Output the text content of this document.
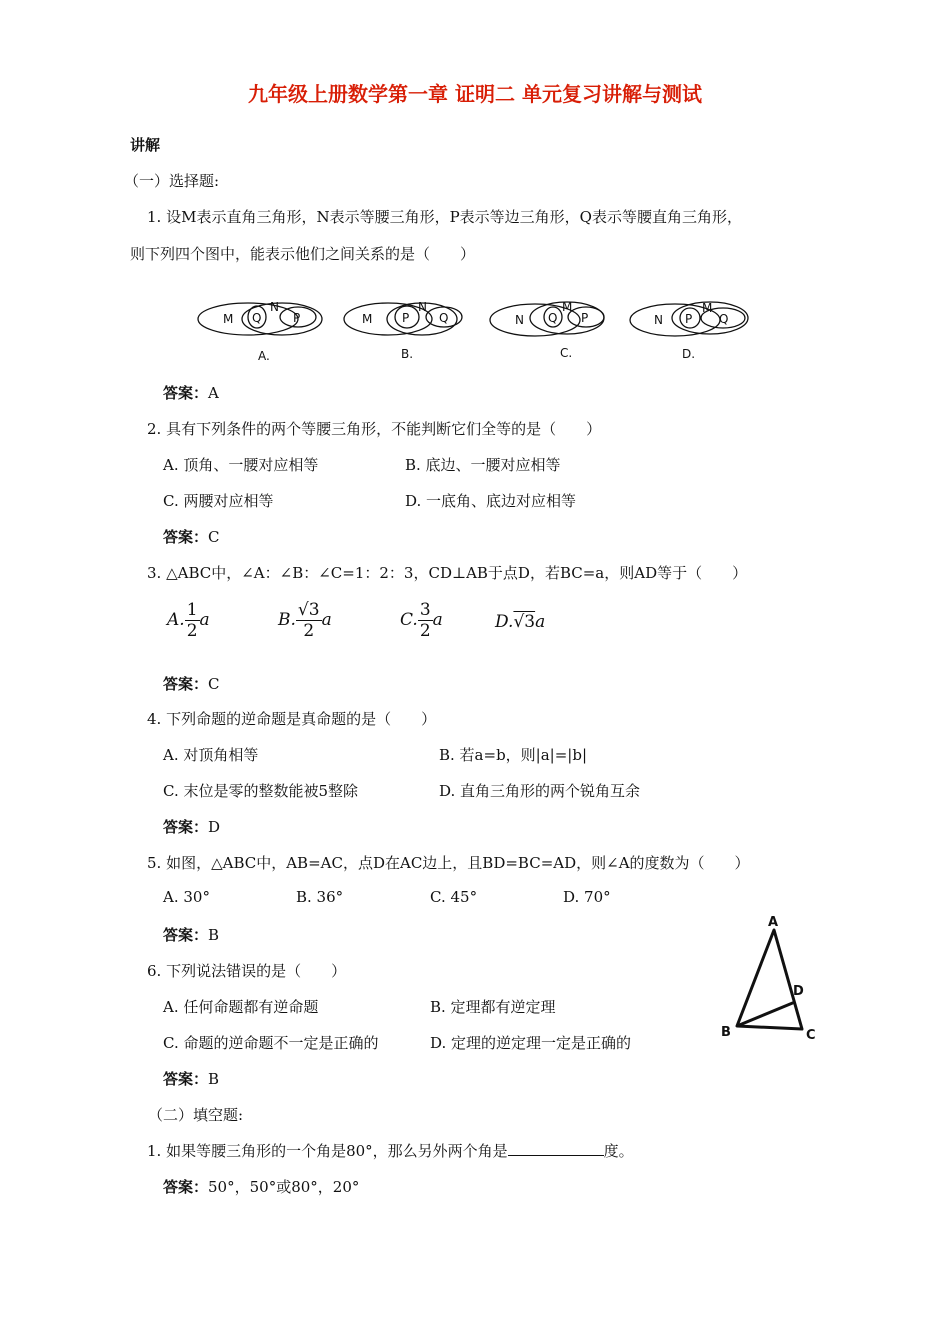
九年级上册数学第一章 证明二 单元复习讲解与测试
讲解
（一）选择题:
1. 设M表示直角三角形，N表示等腰三角形，P表示等边三角形，Q表示等腰直角三角形，
则下列四个图中，能表示他们之间关系的是（　　）
M Q
N
P	M P
N
Q	N Q
M
P	N P
M
Q
A.	B.	C.	D.
答案：A
2. 具有下列条件的两个等腰三角形，不能判断它们全等的是（　　）
A. 顶角、一腰对应相等	B. 底边、一腰对应相等
C. 两腰对应相等	D. 一底角、底边对应相等
答案：C
3. △ABC中，∠A：∠B：∠C=1：2：3，CD⊥AB于点D，若BC=a，则AD等于（　　）
A. $\frac{1}{2}$ a	B. $\frac{√3}{2}$ a	C. $\frac{3}{2}$ a	D.√3a
答案：C
4. 下列命题的逆命题是真命题的是（　　）
A. 对顶角相等	B. 若a=b，则|a|=|b|
C. 末位是零的整数能被5整除	D. 直角三角形的两个锐角互余
答案：D
5. 如图，△ABC中，AB=AC，点D在AC边上，且BD=BC=AD，则∠A的度数为（　　）
A. 30°	B. 36°	C. 45°	D. 70°
答案：B
A
B	C
D
6. 下列说法错误的是（　　）
A. 任何命题都有逆命题	B. 定理都有逆定理
C. 命题的逆命题不一定是正确的	D. 定理的逆定理一定是正确的
答案：B
（二）填空题:
1. 如果等腰三角形的一个角是80°，那么另外两个角是	度。
答案：50°，50°或80°，20°
